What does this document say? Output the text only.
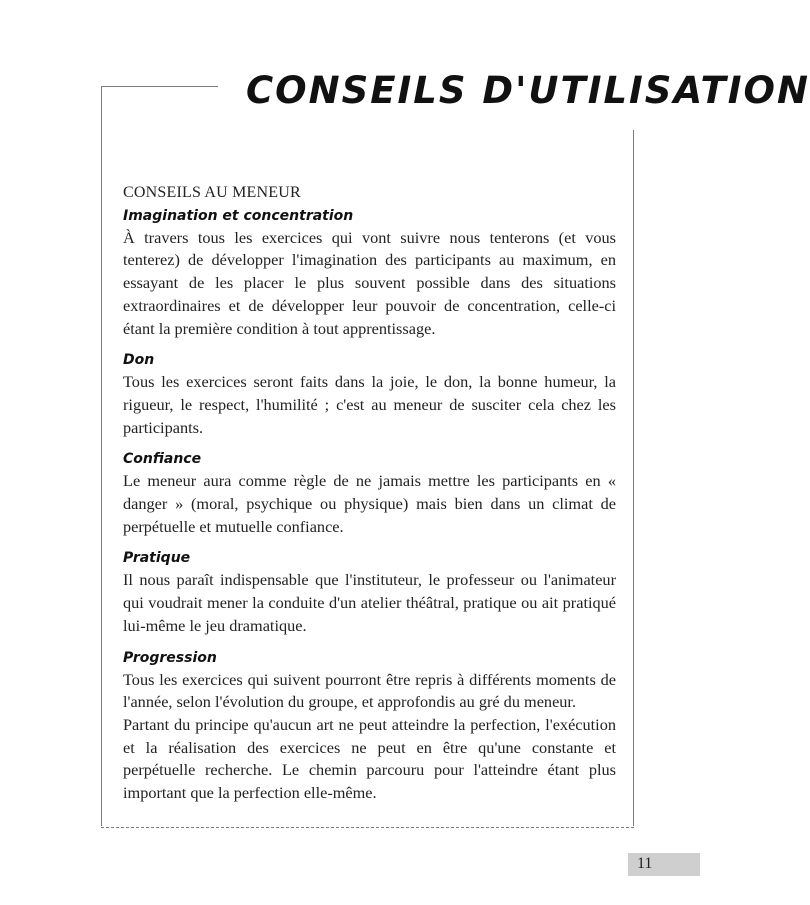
CONSEILS D'UTILISATION

CONSEILS AU MENEUR

Imagination et concentration

À travers tous les exercices qui vont suivre nous tenterons (et vous tenterez) de développer l'imagination des participants au maximum, en essayant de les placer le plus souvent possible dans des situations extraordinaires et de développer leur pouvoir de concentration, celle-ci étant la première condition à tout apprentissage.

Don

Tous les exercices seront faits dans la joie, le don, la bonne humeur, la rigueur, le respect, l'humilité ; c'est au meneur de susciter cela chez les participants.

Confiance

Le meneur aura comme règle de ne jamais mettre les participants en « danger » (moral, psychique ou physique) mais bien dans un climat de perpétuelle et mutuelle confiance.

Pratique

Il nous paraît indispensable que l'instituteur, le professeur ou l'animateur qui voudrait mener la conduite d'un atelier théâtral, pratique ou ait pratiqué lui-même le jeu dramatique.

Progression

Tous les exercices qui suivent pourront être repris à différents moments de l'année, selon l'évolution du groupe, et approfondis au gré du meneur.

Partant du principe qu'aucun art ne peut atteindre la perfection, l'exécution et la réalisation des exercices ne peut en être qu'une constante et perpétuelle recherche. Le chemin parcouru pour l'atteindre étant plus important que la perfection elle-même.

11
